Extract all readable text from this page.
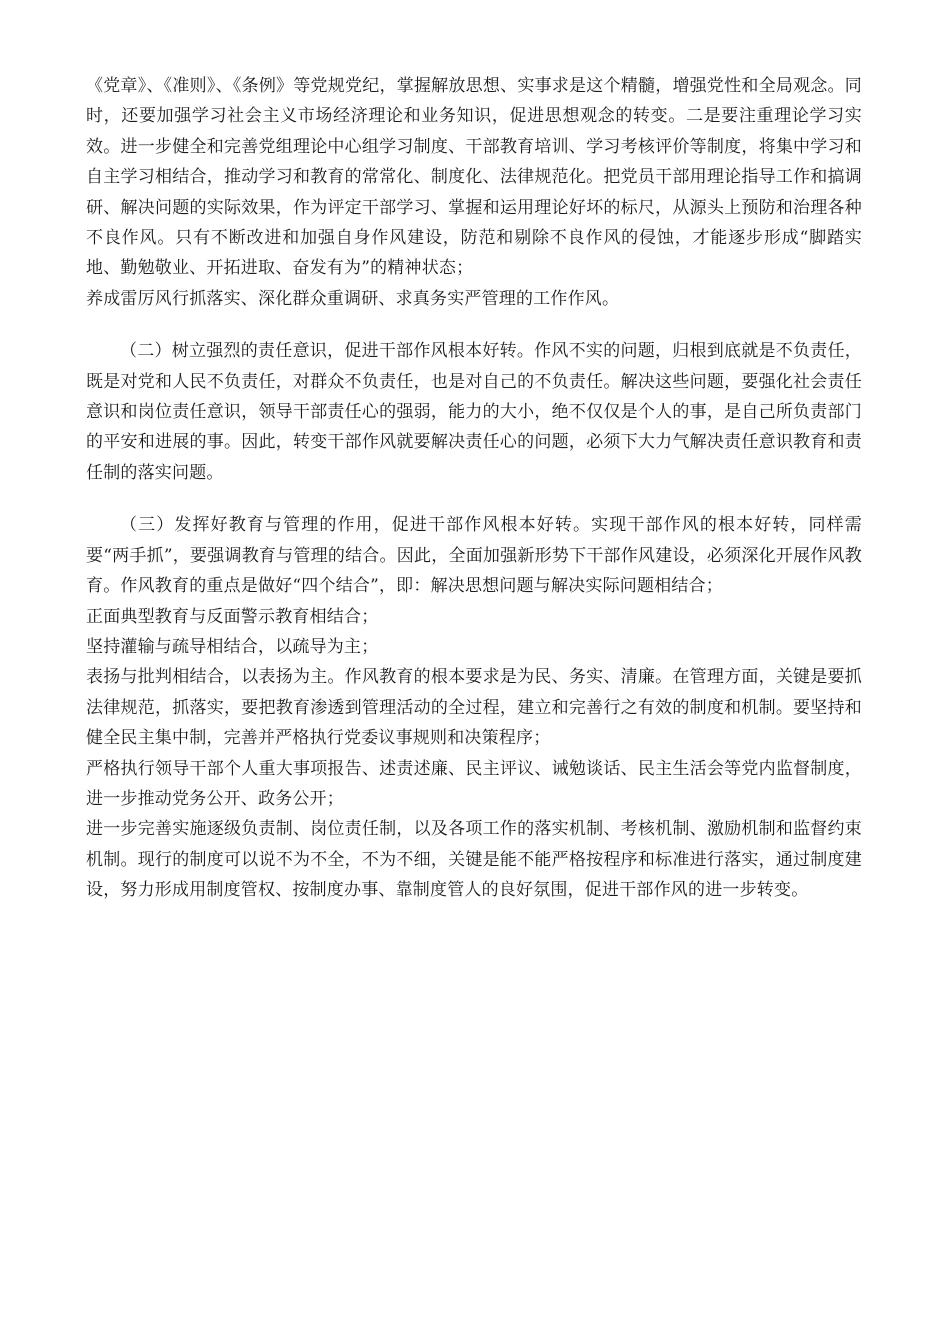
《党章》、《准则》、《条例》等党规党纪，掌握解放思想、实事求是这个精髓，增强党性和全局观念。同时，还要加强学习社会主义市场经济理论和业务知识，促进思想观念的转变。二是要注重理论学习实效。进一步健全和完善党组理论中心组学习制度、干部教育培训、学习考核评价等制度，将集中学习和自主学习相结合，推动学习和教育的常常化、制度化、法律规范化。把党员干部用理论指导工作和搞调研、解决问题的实际效果，作为评定干部学习、掌握和运用理论好坏的标尺，从源头上预防和治理各种不良作风。只有不断改进和加强自身作风建设，防范和剔除不良作风的侵蚀，才能逐步形成“脚踏实地、勤勉敬业、开拓进取、奋发有为”的精神状态；

养成雷厉风行抓落实、深化群众重调研、求真务实严管理的工作作风。

（二）树立强烈的责任意识，促进干部作风根本好转。作风不实的问题，归根到底就是不负责任，既是对党和人民不负责任，对群众不负责任，也是对自己的不负责任。解决这些问题，要强化社会责任意识和岗位责任意识，领导干部责任心的强弱，能力的大小，绝不仅仅是个人的事，是自己所负责部门的平安和进展的事。因此，转变干部作风就要解决责任心的问题，必须下大力气解决责任意识教育和责任制的落实问题。

（三）发挥好教育与管理的作用，促进干部作风根本好转。实现干部作风的根本好转，同样需要“两手抓”，要强调教育与管理的结合。因此，全面加强新形势下干部作风建设，必须深化开展作风教育。作风教育的重点是做好“四个结合”，即：解决思想问题与解决实际问题相结合；

正面典型教育与反面警示教育相结合；

坚持灌输与疏导相结合，以疏导为主；

表扬与批判相结合，以表扬为主。作风教育的根本要求是为民、务实、清廉。在管理方面，关键是要抓法律规范，抓落实，要把教育渗透到管理活动的全过程，建立和完善行之有效的制度和机制。要坚持和健全民主集中制，完善并严格执行党委议事规则和决策程序；

严格执行领导干部个人重大事项报告、述责述廉、民主评议、诫勉谈话、民主生活会等党内监督制度，进一步推动党务公开、政务公开；

进一步完善实施逐级负责制、岗位责任制，以及各项工作的落实机制、考核机制、激励机制和监督约束机制。现行的制度可以说不为不全，不为不细，关键是能不能严格按程序和标准进行落实，通过制度建设，努力形成用制度管权、按制度办事、靠制度管人的良好氛围，促进干部作风的进一步转变。
